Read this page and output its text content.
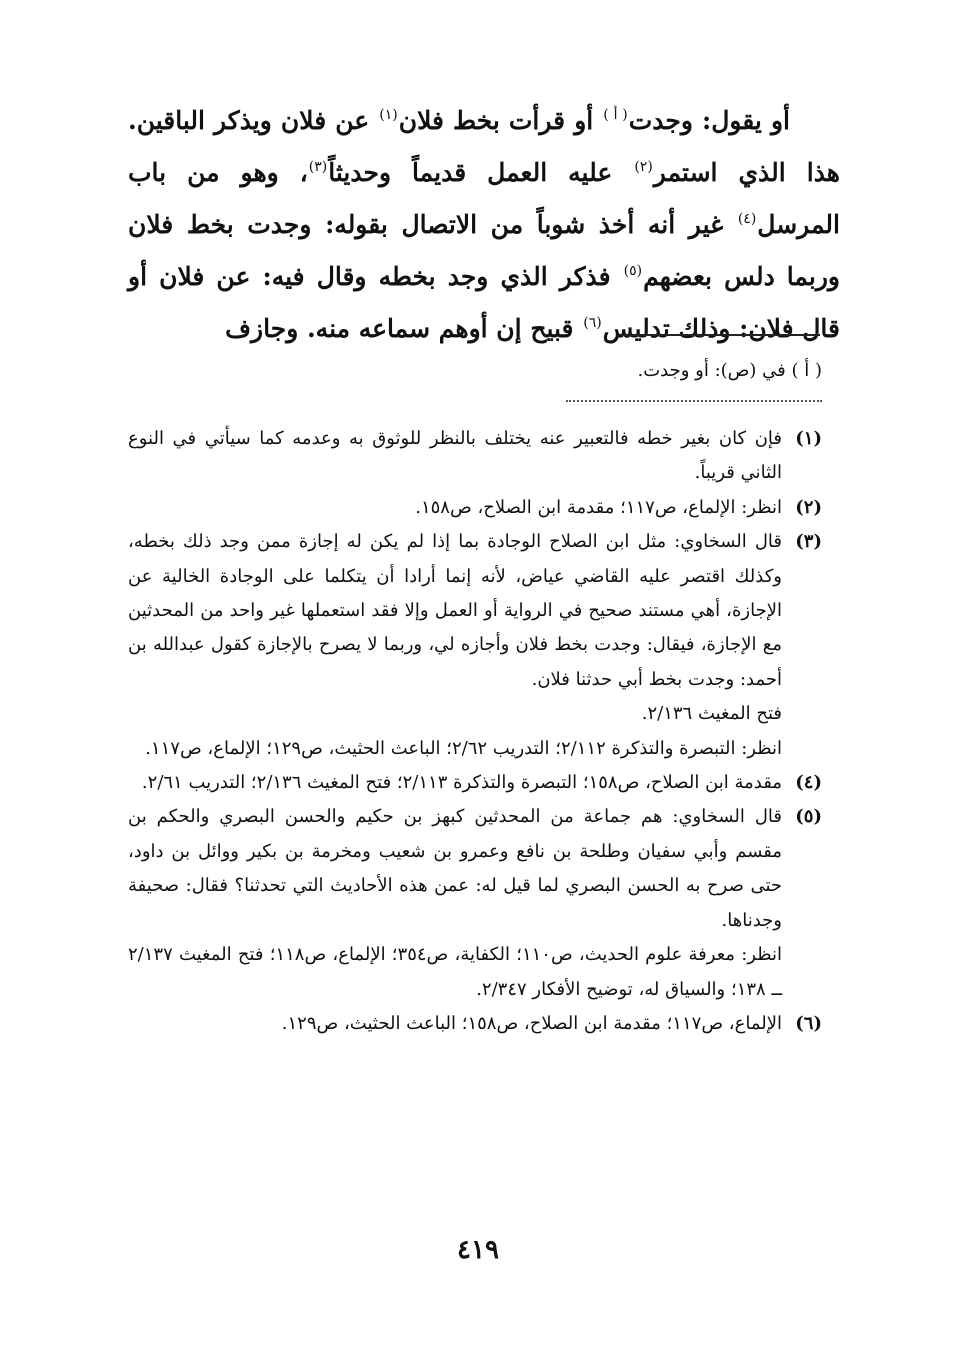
أو يقول: وجدت$^{( أ )}$ أو قرأت بخط فلان$^{(١)}$ عن فلان ويذكر الباقين. هذا الذي استمر$^{(٢)}$ عليه العمل قديماً وحديثاً$^{(٣)}$، وهو من باب المرسل$^{(٤)}$ غير أنه أخذ شوباً من الاتصال بقوله: وجدت بخط فلان وربما دلس بعضهم$^{(٥)}$ فذكر الذي وجد بخطه وقال فيه: عن فلان أو قال فلان: وذلك تدليس$^{(٦)}$ قبيح إن أوهم سماعه منه. وجازف

( أ ) في (ص): أو وجدت.
(١)

فإن كان بغير خطه فالتعبير عنه يختلف بالنظر للوثوق به وعدمه كما سيأتي في النوع الثاني قريباً.

(٢)

انظر: الإلماع، ص١١٧؛ مقدمة ابن الصلاح، ص١٥٨.

(٣)

قال السخاوي: مثل ابن الصلاح الوجادة بما إذا لم يكن له إجازة ممن وجد ذلك بخطه، وكذلك اقتصر عليه القاضي عياض، لأنه إنما أرادا أن يتكلما على الوجادة الخالية عن الإجازة، أهي مستند صحيح في الرواية أو العمل وإلا فقد استعملها غير واحد من المحدثين مع الإجازة، فيقال: وجدت بخط فلان وأجازه لي، وربما لا يصرح بالإجازة كقول عبدالله بن أحمد: وجدت بخط أبي حدثنا فلان.

فتح المغيث ٢/١٣٦.

انظر: التبصرة والتذكرة ٢/١١٢؛ التدريب ٢/٦٢؛ الباعث الحثيث، ص١٢٩؛ الإلماع، ص١١٧.

(٤)

مقدمة ابن الصلاح، ص١٥٨؛ التبصرة والتذكرة ٢/١١٣؛ فتح المغيث ٢/١٣٦؛ التدريب ٢/٦١.

(٥)

قال السخاوي: هم جماعة من المحدثين كبهز بن حكيم والحسن البصري والحكم بن مقسم وأبي سفيان وطلحة بن نافع وعمرو بن شعيب ومخرمة بن بكير ووائل بن داود، حتى صرح به الحسن البصري لما قيل له: عمن هذه الأحاديث التي تحدثنا؟ فقال: صحيفة وجدناها.

انظر: معرفة علوم الحديث، ص١١٠؛ الكفاية، ص٣٥٤؛ الإلماع، ص١١٨؛ فتح المغيث ٢/١٣٧ ــ ١٣٨؛ والسياق له، توضيح الأفكار ٢/٣٤٧.

(٦)

الإلماع، ص١١٧؛ مقدمة ابن الصلاح، ص١٥٨؛ الباعث الحثيث، ص١٢٩.

٤١٩
